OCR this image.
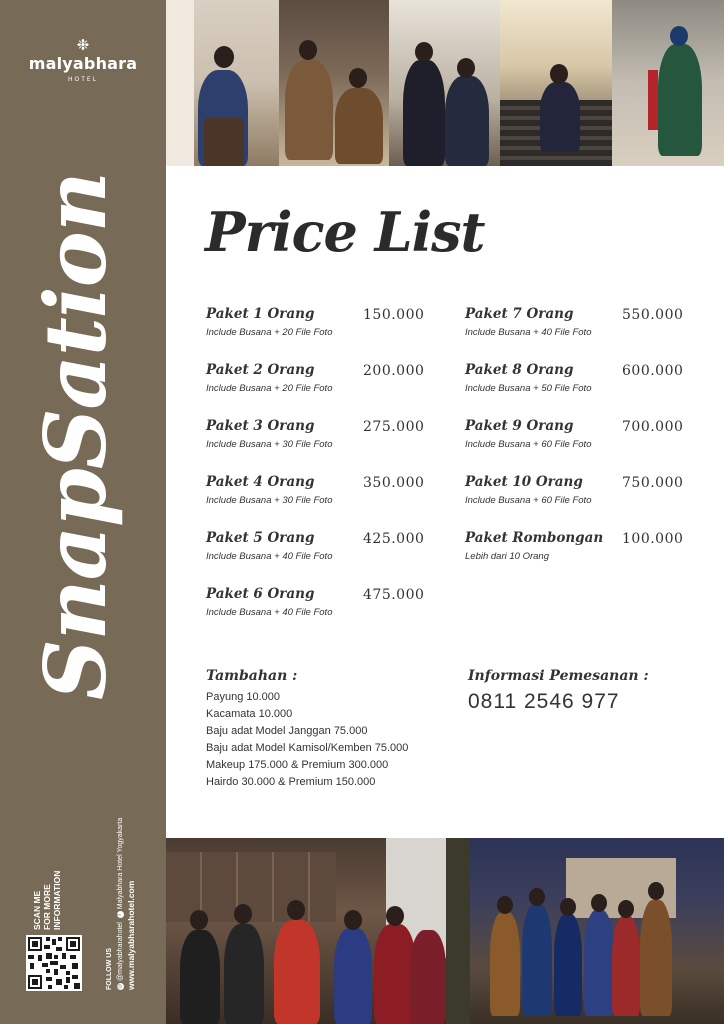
❉
malyabhara
HOTEL
SnapSation
SCAN ME FOR MORE INFORMATION
FOLLOW US ◎@malyabharahotel  fMalyabhara Hotel Yogyakarta
www.malyabharahotel.com
Price List
Paket 1 Orang	150.000
Include Busana + 20 File Foto
Paket 2 Orang	200.000
Include Busana + 20 File Foto
Paket 3 Orang	275.000
Include Busana + 30 File Foto
Paket 4 Orang	350.000
Include Busana + 30 File Foto
Paket 5 Orang	425.000
Include Busana + 40 File Foto
Paket 6 Orang	475.000
Include Busana + 40 File Foto
Paket 7 Orang	550.000
Include Busana + 40 File Foto
Paket 8 Orang	600.000
Include Busana + 50 File Foto
Paket 9 Orang	700.000
Include Busana + 60 File Foto
Paket 10 Orang	750.000
Include Busana + 60 File Foto
Paket Rombongan	100.000
Lebih dari 10 Orang
Tambahan :
Payung 10.000
Kacamata 10.000
Baju adat Model Janggan 75.000
Baju adat Model Kamisol/Kemben 75.000
Makeup 175.000 & Premium 300.000
Hairdo 30.000 & Premium 150.000
Informasi Pemesanan :
0811 2546 977
